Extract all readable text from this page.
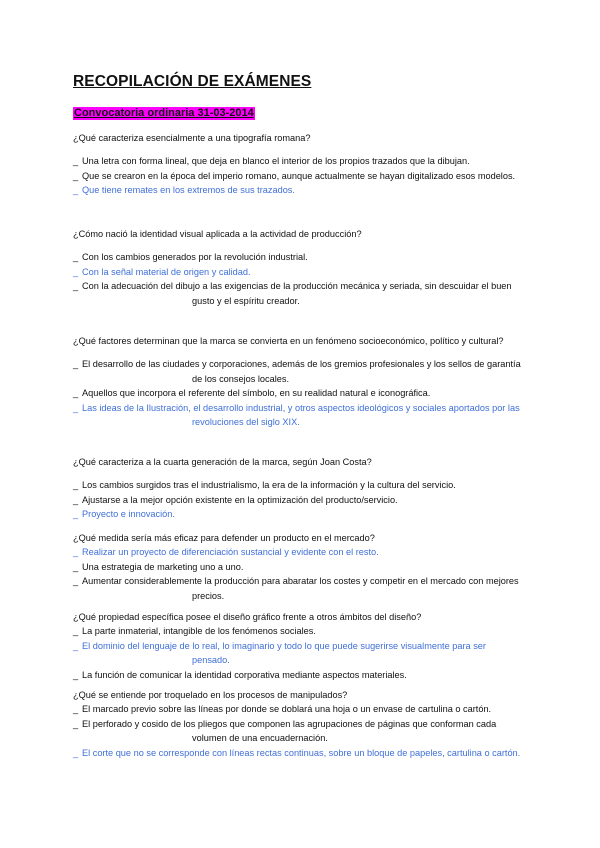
RECOPILACIÓN DE EXÁMENES
Convocatoria ordinaria 31-03-2014
¿Qué caracteriza esencialmente a una tipografía romana?
_ Una letra con forma lineal, que deja en blanco el interior de los propios trazados que la dibujan.
_ Que se crearon en la época del imperio romano, aunque actualmente se hayan digitalizado esos modelos.
_ Que tiene remates en los extremos de sus trazados.
¿Cómo nació la identidad visual aplicada a la actividad de producción?
_ Con los cambios generados por la revolución industrial.
_ Con la señal material de origen y calidad.
_ Con la adecuación del dibujo a las exigencias de la producción mecánica y seriada, sin descuidar el buen
gusto y el espíritu creador.
¿Qué factores determinan que la marca se convierta en un fenómeno socioeconómico, político y cultural?
_ El desarrollo de las ciudades y corporaciones, además de los gremios profesionales y los sellos de garantía
de los consejos locales.
_ Aquellos que incorpora el referente del símbolo, en su realidad natural e iconográfica.
_ Las ideas de la Ilustración, el desarrollo industrial, y otros aspectos ideológicos y sociales aportados por las
revoluciones del siglo XIX.
¿Qué caracteriza a la cuarta generación de la marca, según Joan Costa?
_ Los cambios surgidos tras el industrialismo, la era de la información y la cultura del servicio.
_ Ajustarse a la mejor opción existente en la optimización del producto/servicio.
_ Proyecto e innovación.
¿Qué medida sería más eficaz para defender un producto en el mercado?
_ Realizar un proyecto de diferenciación sustancial y evidente con el resto.
_ Una estrategia de marketing uno a uno.
_ Aumentar considerablemente la producción para abaratar los costes y competir en el mercado con mejores
precios.
¿Qué propiedad específica posee el diseño gráfico frente a otros ámbitos del diseño?
_ La parte inmaterial, intangible de los fenómenos sociales.
_ El dominio del lenguaje de lo real, lo imaginario y todo lo que puede sugerirse visualmente para ser
pensado.
_ La función de comunicar la identidad corporativa mediante aspectos materiales.
¿Qué se entiende por troquelado en los procesos de manipulados?
_ El marcado previo sobre las líneas por donde se doblará una hoja o un envase de cartulina o cartón.
_ El perforado y cosido de los pliegos que componen las agrupaciones de páginas que conforman cada
volumen de una encuadernación.
_ El corte que no se corresponde con líneas rectas continuas, sobre un bloque de papeles, cartulina o cartón.
